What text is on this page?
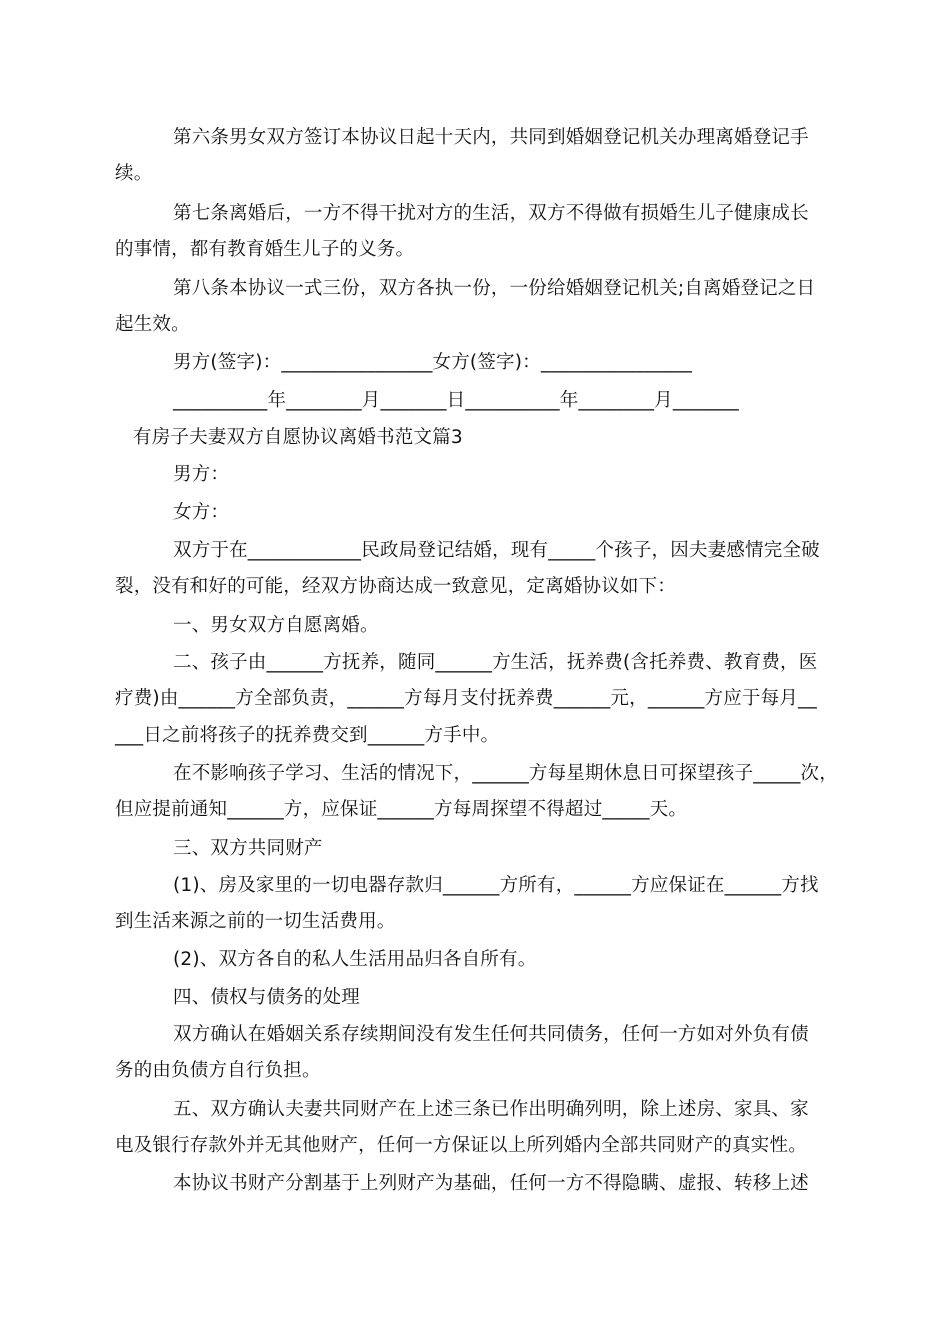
第六条男女双方签订本协议日起十天内，共同到婚姻登记机关办理离婚登记手

续。

第七条离婚后，一方不得干扰对方的生活，双方不得做有损婚生儿子健康成长

的事情，都有教育婚生儿子的义务。

第八条本协议一式三份，双方各执一份，一份给婚姻登记机关;自离婚登记之日

起生效。

男方(签字)：________________女方(签字)：________________

__________年________月_______日__________年________月_______

有房子夫妻双方自愿协议离婚书范文篇3

男方：

女方：

双方于在____________民政局登记结婚，现有_____个孩子，因夫妻感情完全破

裂，没有和好的可能，经双方协商达成一致意见，定离婚协议如下：

一、男女双方自愿离婚。

二、孩子由______方抚养，随同______方生活，抚养费(含托养费、教育费，医

疗费)由______方全部负责，______方每月支付抚养费______元，______方应于每月__

___日之前将孩子的抚养费交到______方手中。

在不影响孩子学习、生活的情况下，______方每星期休息日可探望孩子_____次，

但应提前通知______方，应保证______方每周探望不得超过_____天。

三、双方共同财产

(1)、房及家里的一切电器存款归______方所有，______方应保证在______方找

到生活来源之前的一切生活费用。

(2)、双方各自的私人生活用品归各自所有。

四、债权与债务的处理

双方确认在婚姻关系存续期间没有发生任何共同债务，任何一方如对外负有债

务的由负债方自行负担。

五、双方确认夫妻共同财产在上述三条已作出明确列明，除上述房、家具、家

电及银行存款外并无其他财产，任何一方保证以上所列婚内全部共同财产的真实性。

本协议书财产分割基于上列财产为基础，任何一方不得隐瞒、虚报、转移上述
